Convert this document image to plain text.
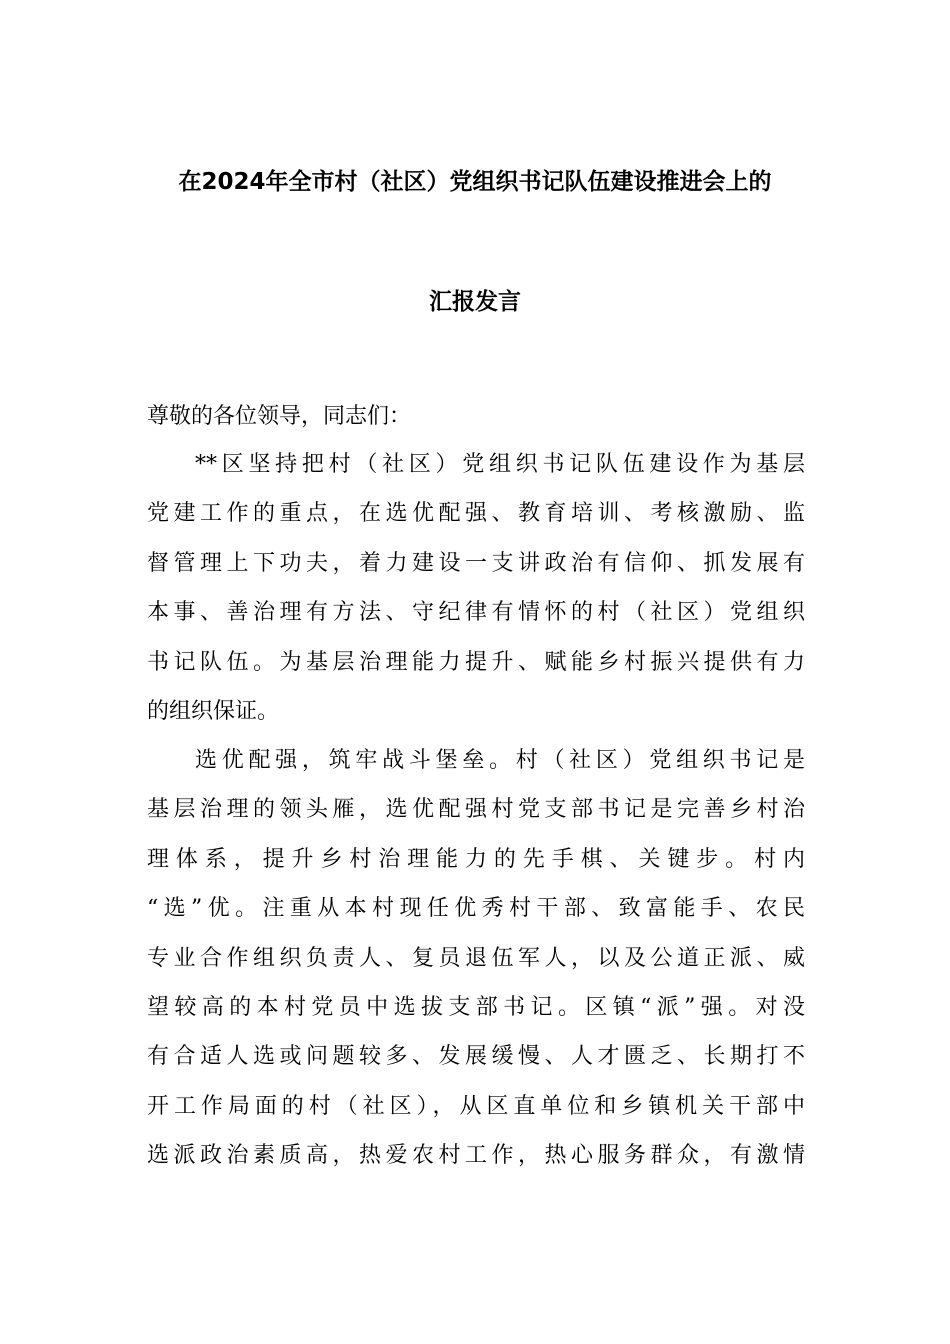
在2024年全市村（社区）党组织书记队伍建设推进会上的
汇报发言
尊敬的各位领导，同志们：
**区坚持把村（社区）党组织书记队伍建设作为基层
党建工作的重点，在选优配强、教育培训、考核激励、监
督管理上下功夫，着力建设一支讲政治有信仰、抓发展有
本事、善治理有方法、守纪律有情怀的村（社区）党组织
书记队伍。为基层治理能力提升、赋能乡村振兴提供有力
的组织保证。
选优配强，筑牢战斗堡垒。村（社区）党组织书记是
基层治理的领头雁，选优配强村党支部书记是完善乡村治
理体系，提升乡村治理能力的先手棋、关键步。村内
“选”优。注重从本村现任优秀村干部、致富能手、农民
专业合作组织负责人、复员退伍军人，以及公道正派、威
望较高的本村党员中选拔支部书记。区镇“派”强。对没
有合适人选或问题较多、发展缓慢、人才匮乏、长期打不
开工作局面的村（社区），从区直单位和乡镇机关干部中
选派政治素质高，热爱农村工作，热心服务群众，有激情
